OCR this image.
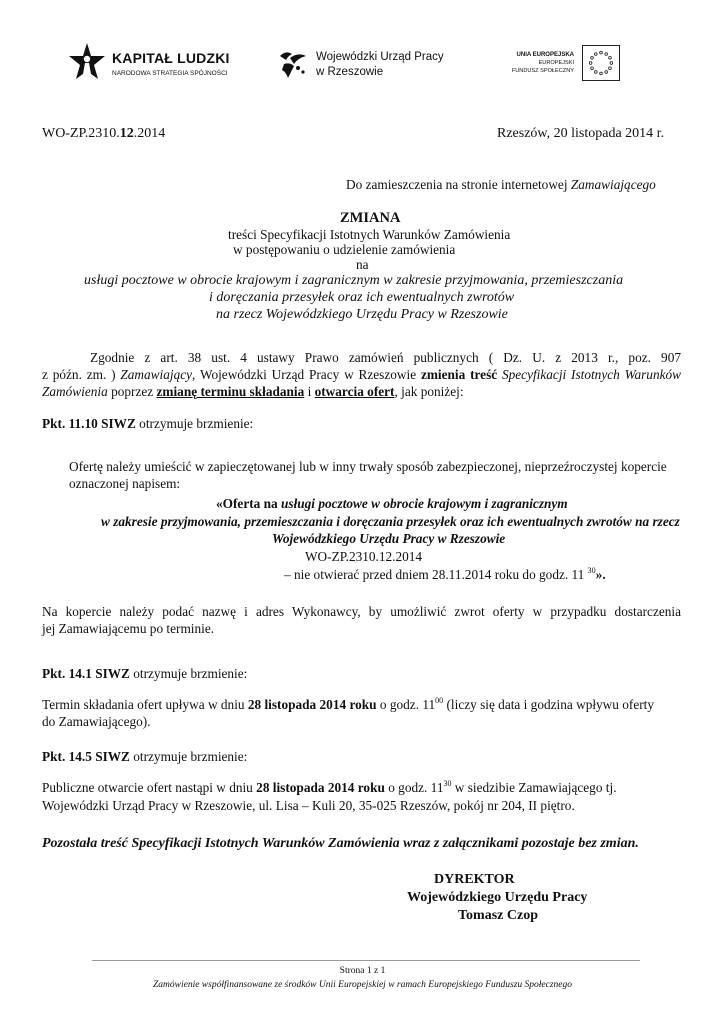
KAPITAŁ LUDZKI
NARODOWA STRATEGIA SPÓJNOŚCI
Wojewódzki Urząd Pracy
w Rzeszowie
UNIA EUROPEJSKA
EUROPEJSKI
FUNDUSZ SPOŁECZNY
WO-ZP.2310.12.2014	Rzeszów, 20 listopada 2014 r.
Do zamieszczenia na stronie internetowej Zamawiającego
ZMIANA
treści Specyfikacji Istotnych Warunków Zamówienia
w postępowaniu o udzielenie zamówienia
na
usługi pocztowe w obrocie krajowym i zagranicznym w zakresie przyjmowania, przemieszczania
i doręczania przesyłek oraz ich ewentualnych zwrotów
na rzecz Wojewódzkiego Urzędu Pracy w Rzeszowie
Zgodnie z art. 38 ust. 4 ustawy Prawo zamówień publicznych ( Dz. U. z 2013 r., poz. 907
z późn. zm. ) Zamawiający, Wojewódzki Urząd Pracy w Rzeszowie zmienia treść Specyfikacji Istotnych Warunków
Zamówienia poprzez zmianę terminu składania i otwarcia ofert, jak poniżej:
Pkt. 11.10 SIWZ otrzymuje brzmienie:
Ofertę należy umieścić w zapieczętowanej lub w inny trwały sposób zabezpieczonej, nieprzeźroczystej kopercie
oznaczonej napisem:
«Oferta na usługi pocztowe w obrocie krajowym i zagranicznym
w zakresie przyjmowania, przemieszczania i doręczania przesyłek oraz ich ewentualnych zwrotów na rzecz
Wojewódzkiego Urzędu Pracy w Rzeszowie
WO-ZP.2310.12.2014
– nie otwierać przed dniem 28.11.2014 roku do godz. 11 $^{30}$».
Na kopercie należy podać nazwę i adres Wykonawcy, by umożliwić zwrot oferty w przypadku dostarczenia
jej Zamawiającemu po terminie.
Pkt. 14.1 SIWZ otrzymuje brzmienie:
Termin składania ofert upływa w dniu 28 listopada 2014 roku o godz. $11^{00}$ (liczy się data i godzina wpływu oferty
do Zamawiającego).
Pkt. 14.5 SIWZ otrzymuje brzmienie:
Publiczne otwarcie ofert nastąpi w dniu 28 listopada 2014 roku o godz. $11^{30}$ w siedzibie Zamawiającego tj.
Wojewódzki Urząd Pracy w Rzeszowie, ul. Lisa – Kuli 20, 35-025 Rzeszów, pokój nr 204, II piętro.
Pozostała treść Specyfikacji Istotnych Warunków Zamówienia wraz z załącznikami pozostaje bez zmian.
DYREKTOR
Wojewódzkiego Urzędu Pracy
Tomasz Czop
Strona 1 z 1
Zamówienie współfinansowane ze środków Unii Europejskiej w ramach Europejskiego Funduszu Społecznego
